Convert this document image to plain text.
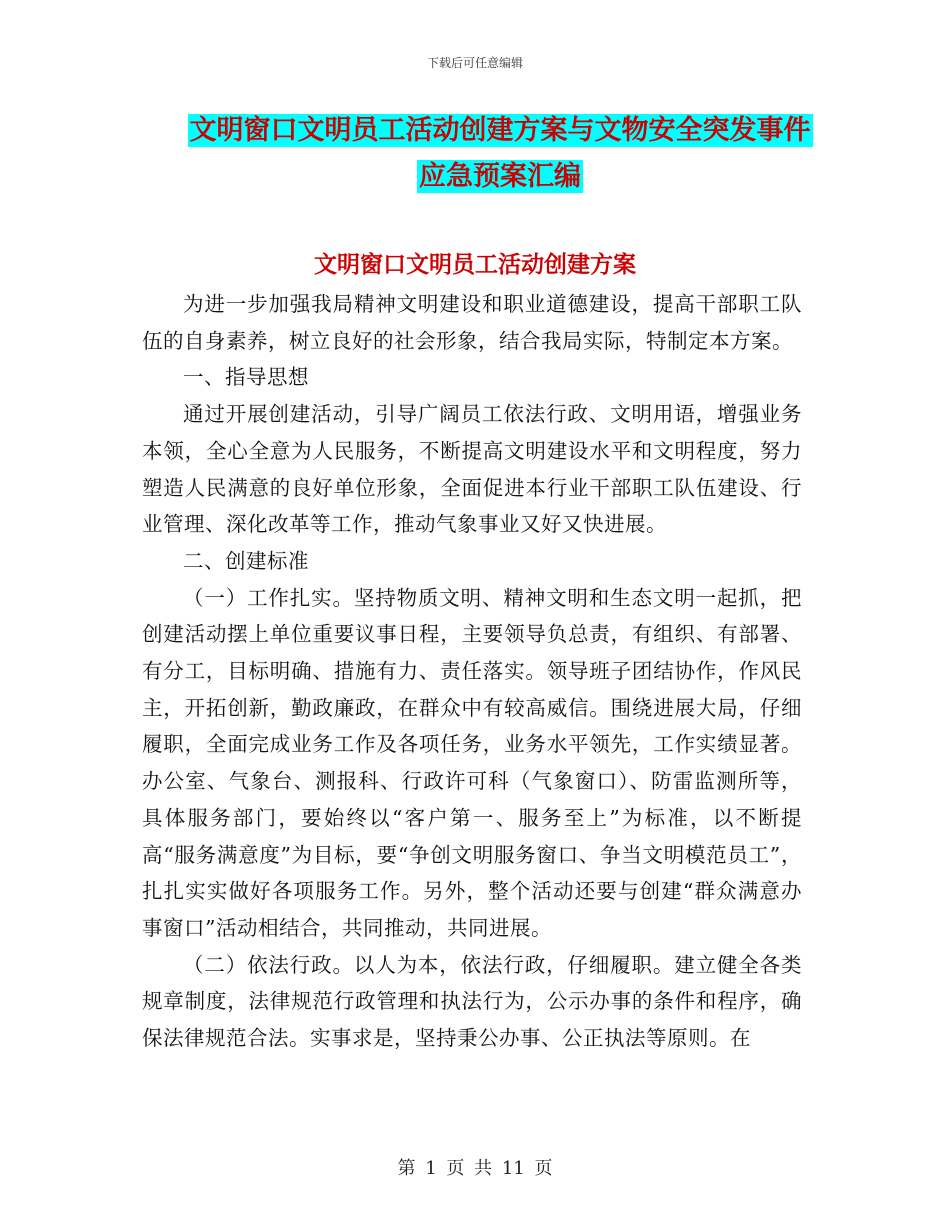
下载后可任意编辑
文明窗口文明员工活动创建方案与文物安全突发事件
应急预案汇编
文明窗口文明员工活动创建方案

为进一步加强我局精神文明建设和职业道德建设，提高干部职工队伍的自身素养，树立良好的社会形象，结合我局实际，特制定本方案。

一、指导思想

通过开展创建活动，引导广阔员工依法行政、文明用语，增强业务本领，全心全意为人民服务，不断提高文明建设水平和文明程度，努力塑造人民满意的良好单位形象，全面促进本行业干部职工队伍建设、行业管理、深化改革等工作，推动气象事业又好又快进展。

二、创建标准

（一）工作扎实。坚持物质文明、精神文明和生态文明一起抓，把创建活动摆上单位重要议事日程，主要领导负总责，有组织、有部署、有分工，目标明确、措施有力、责任落实。领导班子团结协作，作风民主，开拓创新，勤政廉政，在群众中有较高威信。围绕进展大局，仔细履职，全面完成业务工作及各项任务，业务水平领先，工作实绩显著。办公室、气象台、测报科、行政许可科（气象窗口）、防雷监测所等，具体服务部门，要始终以“客户第一、服务至上”为标准，以不断提高“服务满意度”为目标，要“争创文明服务窗口、争当文明模范员工”，扎扎实实做好各项服务工作。另外，整个活动还要与创建“群众满意办事窗口”活动相结合，共同推动，共同进展。

（二）依法行政。以人为本，依法行政，仔细履职。建立健全各类规章制度，法律规范行政管理和执法行为，公示办事的条件和程序，确保法律规范合法。实事求是，坚持秉公办事、公正执法等原则。在

第 1 页 共 11 页
